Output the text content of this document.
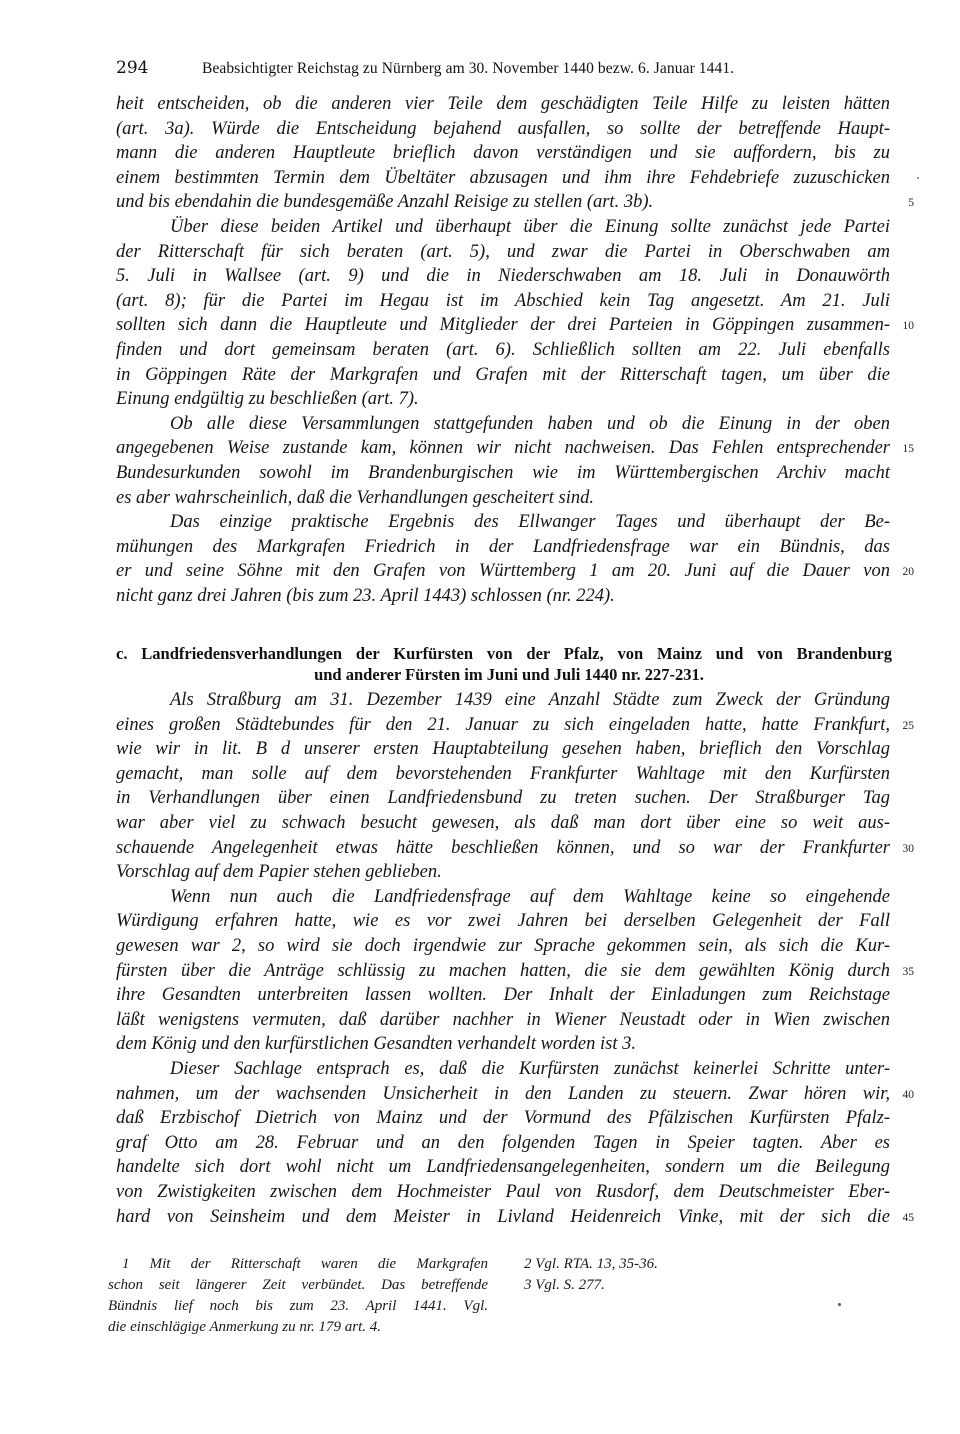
294	Beabsichtigter Reichstag zu Nürnberg am 30. November 1440 bezw. 6. Januar 1441.
heit entscheiden, ob die anderen vier Teile dem geschädigten Teile Hilfe zu leisten hätten
(art. 3a). Würde die Entscheidung bejahend ausfallen, so sollte der betreffende Haupt-
mann die anderen Hauptleute brieflich davon verständigen und sie auffordern, bis zu
einem bestimmten Termin dem Übeltäter abzusagen und ihm ihre Fehdebriefe zuzuschicken
und bis ebendahin die bundesgemäße Anzahl Reisige zu stellen (art. 3b).	5
Über diese beiden Artikel und überhaupt über die Einung sollte zunächst jede Partei
der Ritterschaft für sich beraten (art. 5), und zwar die Partei in Oberschwaben am
5. Juli in Wallsee (art. 9) und die in Niederschwaben am 18. Juli in Donauwörth
(art. 8); für die Partei im Hegau ist im Abschied kein Tag angesetzt. Am 21. Juli
sollten sich dann die Hauptleute und Mitglieder der drei Parteien in Göppingen zusammen-	10
finden und dort gemeinsam beraten (art. 6). Schließlich sollten am 22. Juli ebenfalls
in Göppingen Räte der Markgrafen und Grafen mit der Ritterschaft tagen, um über die
Einung endgültig zu beschließen (art. 7).
Ob alle diese Versammlungen stattgefunden haben und ob die Einung in der oben
angegebenen Weise zustande kam, können wir nicht nachweisen. Das Fehlen entsprechender	15
Bundesurkunden sowohl im Brandenburgischen wie im Württembergischen Archiv macht
es aber wahrscheinlich, daß die Verhandlungen gescheitert sind.
Das einzige praktische Ergebnis des Ellwanger Tages und überhaupt der Be-
mühungen des Markgrafen Friedrich in der Landfriedensfrage war ein Bündnis, das
er und seine Söhne mit den Grafen von Württemberg 1 am 20. Juni auf die Dauer von	20
nicht ganz drei Jahren (bis zum 23. April 1443) schlossen (nr. 224).
c. Landfriedensverhandlungen der Kurfürsten von der Pfalz, von Mainz und von Brandenburg
und anderer Fürsten im Juni und Juli 1440 nr. 227-231.
Als Straßburg am 31. Dezember 1439 eine Anzahl Städte zum Zweck der Gründung
eines großen Städtebundes für den 21. Januar zu sich eingeladen hatte, hatte Frankfurt,	25
wie wir in lit. B d unserer ersten Hauptabteilung gesehen haben, brieflich den Vorschlag
gemacht, man solle auf dem bevorstehenden Frankfurter Wahltage mit den Kurfürsten
in Verhandlungen über einen Landfriedensbund zu treten suchen. Der Straßburger Tag
war aber viel zu schwach besucht gewesen, als daß man dort über eine so weit aus-
schauende Angelegenheit etwas hätte beschließen können, und so war der Frankfurter	30
Vorschlag auf dem Papier stehen geblieben.
Wenn nun auch die Landfriedensfrage auf dem Wahltage keine so eingehende
Würdigung erfahren hatte, wie es vor zwei Jahren bei derselben Gelegenheit der Fall
gewesen war 2, so wird sie doch irgendwie zur Sprache gekommen sein, als sich die Kur-
fürsten über die Anträge schlüssig zu machen hatten, die sie dem gewählten König durch	35
ihre Gesandten unterbreiten lassen wollten. Der Inhalt der Einladungen zum Reichstage
läßt wenigstens vermuten, daß darüber nachher in Wiener Neustadt oder in Wien zwischen
dem König und den kurfürstlichen Gesandten verhandelt worden ist 3.
Dieser Sachlage entsprach es, daß die Kurfürsten zunächst keinerlei Schritte unter-
nahmen, um der wachsenden Unsicherheit in den Landen zu steuern. Zwar hören wir,	40
daß Erzbischof Dietrich von Mainz und der Vormund des Pfälzischen Kurfürsten Pfalz-
graf Otto am 28. Februar und an den folgenden Tagen in Speier tagten. Aber es
handelte sich dort wohl nicht um Landfriedensangelegenheiten, sondern um die Beilegung
von Zwistigkeiten zwischen dem Hochmeister Paul von Rusdorf, dem Deutschmeister Eber-
hard von Seinsheim und dem Meister in Livland Heidenreich Vinke, mit der sich die	45
1 Mit der Ritterschaft waren die Markgrafen
schon seit längerer Zeit verbündet. Das betreffende
Bündnis lief noch bis zum 23. April 1441. Vgl.
die einschlägige Anmerkung zu nr. 179 art. 4.
2 Vgl. RTA. 13, 35-36.
3 Vgl. S. 277.
